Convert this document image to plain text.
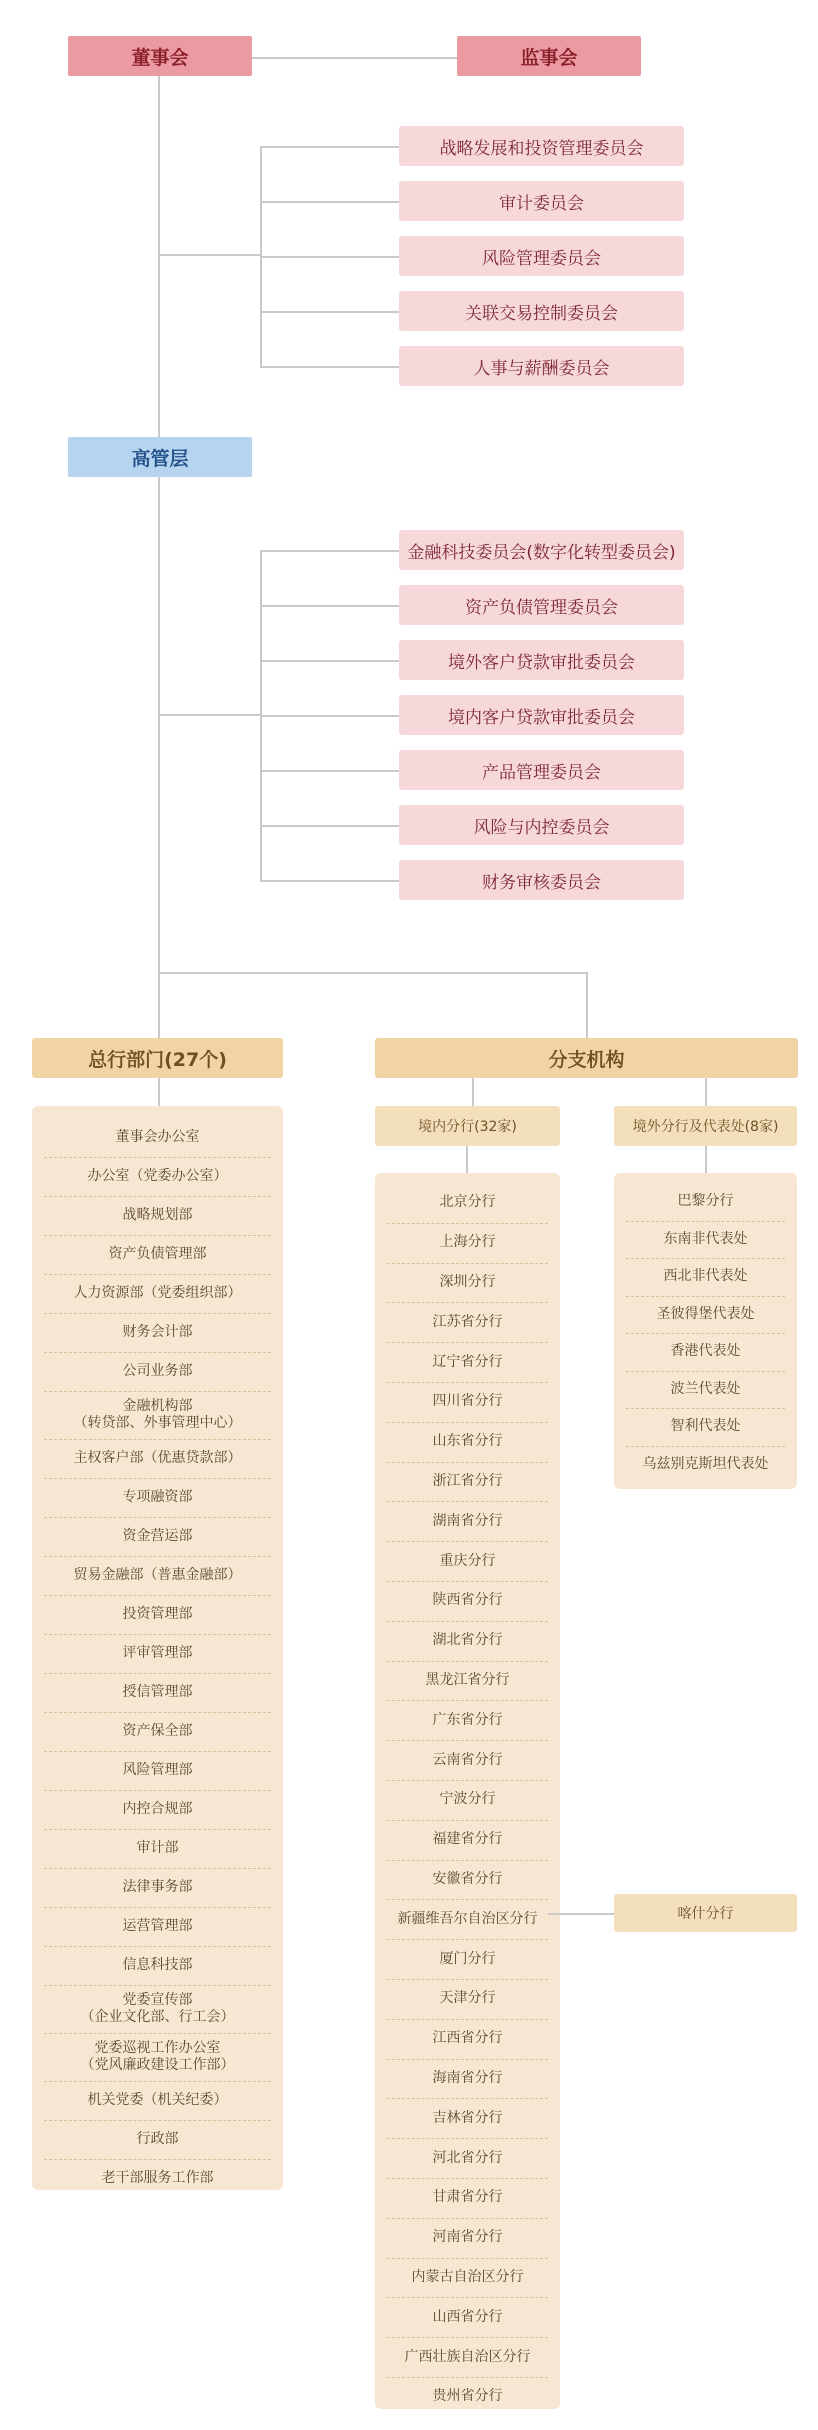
董事会	监事会
战略发展和投资管理委员会
审计委员会
风险管理委员会
关联交易控制委员会
人事与薪酬委员会
高管层
金融科技委员会(数字化转型委员会)
资产负债管理委员会
境外客户贷款审批委员会
境内客户贷款审批委员会
产品管理委员会
风险与内控委员会
财务审核委员会
总行部门(27个)
董事会办公室
办公室（党委办公室）
战略规划部
资产负债管理部
人力资源部（党委组织部）
财务会计部
公司业务部
金融机构部
（转贷部、外事管理中心）
主权客户部（优惠贷款部）
专项融资部
资金营运部
贸易金融部（普惠金融部）
投资管理部
评审管理部
授信管理部
资产保全部
风险管理部
内控合规部
审计部
法律事务部
运营管理部
信息科技部
党委宣传部
（企业文化部、行工会）
党委巡视工作办公室
（党风廉政建设工作部）
机关党委（机关纪委）
行政部
老干部服务工作部
分支机构
境内分行(32家)	境外分行及代表处(8家)
北京分行
上海分行
深圳分行
江苏省分行
辽宁省分行
四川省分行
山东省分行
浙江省分行
湖南省分行
重庆分行
陕西省分行
湖北省分行
黑龙江省分行
广东省分行
云南省分行
宁波分行
福建省分行
安徽省分行
新疆维吾尔自治区分行
厦门分行
天津分行
江西省分行
海南省分行
吉林省分行
河北省分行
甘肃省分行
河南省分行
内蒙古自治区分行
山西省分行
广西壮族自治区分行
贵州省分行
巴黎分行
东南非代表处
西北非代表处
圣彼得堡代表处
香港代表处
波兰代表处
智利代表处
乌兹别克斯坦代表处
喀什分行
